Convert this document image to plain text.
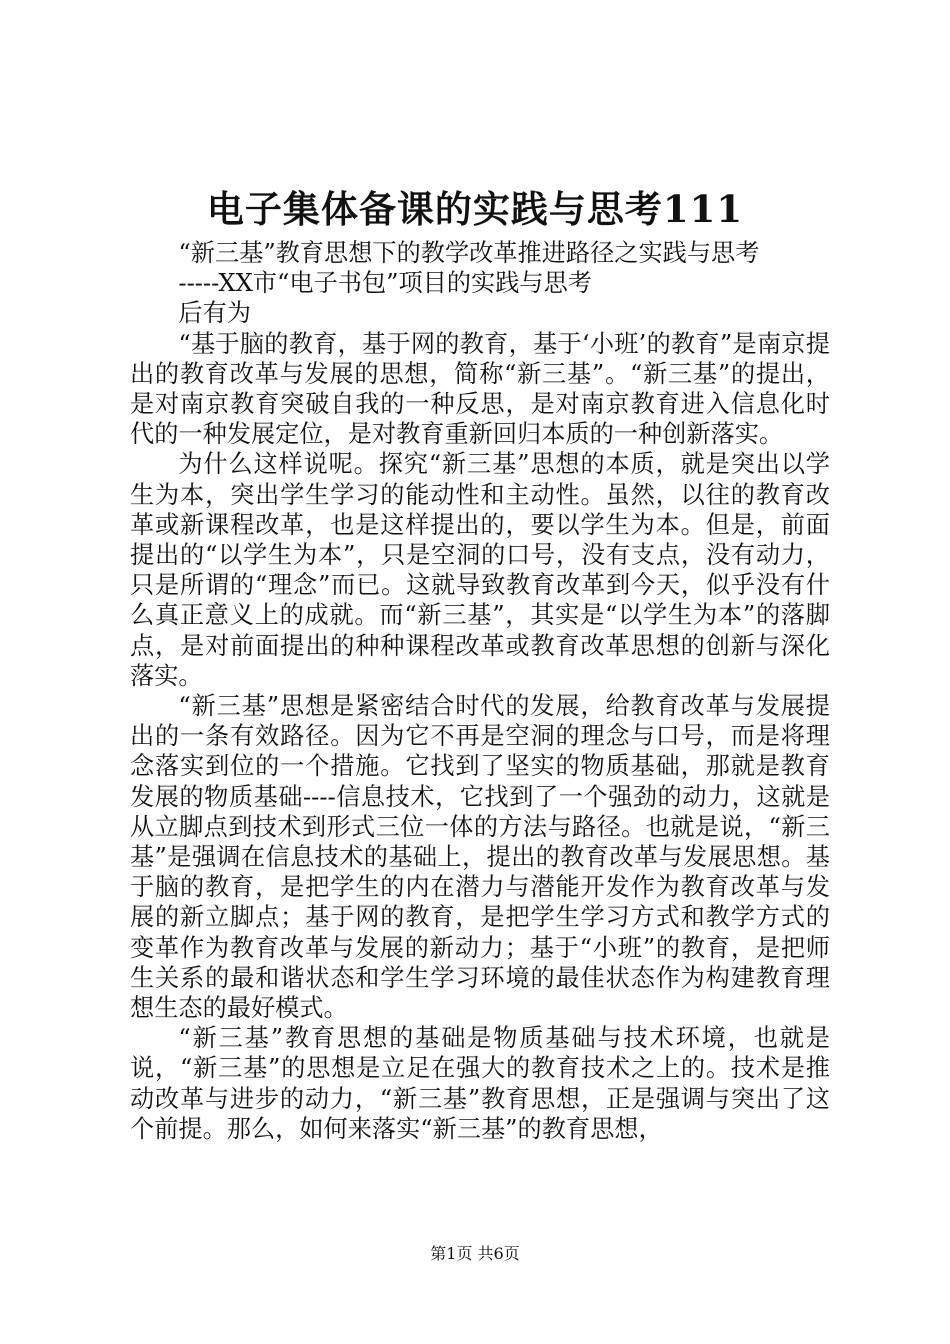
电子集体备课的实践与思考111

“新三基”教育思想下的教学改革推进路径之实践与思考

-----XX市“电子书包”项目的实践与思考

后有为

“基于脑的教育，基于网的教育，基于‘小班’的教育”是南京提出的教育改革与发展的思想，简称“新三基”。“新三基”的提出，是对南京教育突破自我的一种反思，是对南京教育进入信息化时代的一种发展定位，是对教育重新回归本质的一种创新落实。

为什么这样说呢。探究“新三基”思想的本质，就是突出以学生为本，突出学生学习的能动性和主动性。虽然，以往的教育改革或新课程改革，也是这样提出的，要以学生为本。但是，前面提出的“以学生为本”，只是空洞的口号，没有支点，没有动力，只是所谓的“理念”而已。这就导致教育改革到今天，似乎没有什么真正意义上的成就。而“新三基”，其实是“以学生为本”的落脚点，是对前面提出的种种课程改革或教育改革思想的创新与深化落实。

“新三基”思想是紧密结合时代的发展，给教育改革与发展提出的一条有效路径。因为它不再是空洞的理念与口号，而是将理念落实到位的一个措施。它找到了坚实的物质基础，那就是教育发展的物质基础----信息技术，它找到了一个强劲的动力，这就是从立脚点到技术到形式三位一体的方法与路径。也就是说，“新三基”是强调在信息技术的基础上，提出的教育改革与发展思想。基于脑的教育，是把学生的内在潜力与潜能开发作为教育改革与发展的新立脚点；基于网的教育，是把学生学习方式和教学方式的变革作为教育改革与发展的新动力；基于“小班”的教育，是把师生关系的最和谐状态和学生学习环境的最佳状态作为构建教育理想生态的最好模式。

“新三基”教育思想的基础是物质基础与技术环境，也就是说，“新三基”的思想是立足在强大的教育技术之上的。技术是推动改革与进步的动力，“新三基”教育思想，正是强调与突出了这个前提。那么，如何来落实“新三基”的教育思想，

第1页 共6页
